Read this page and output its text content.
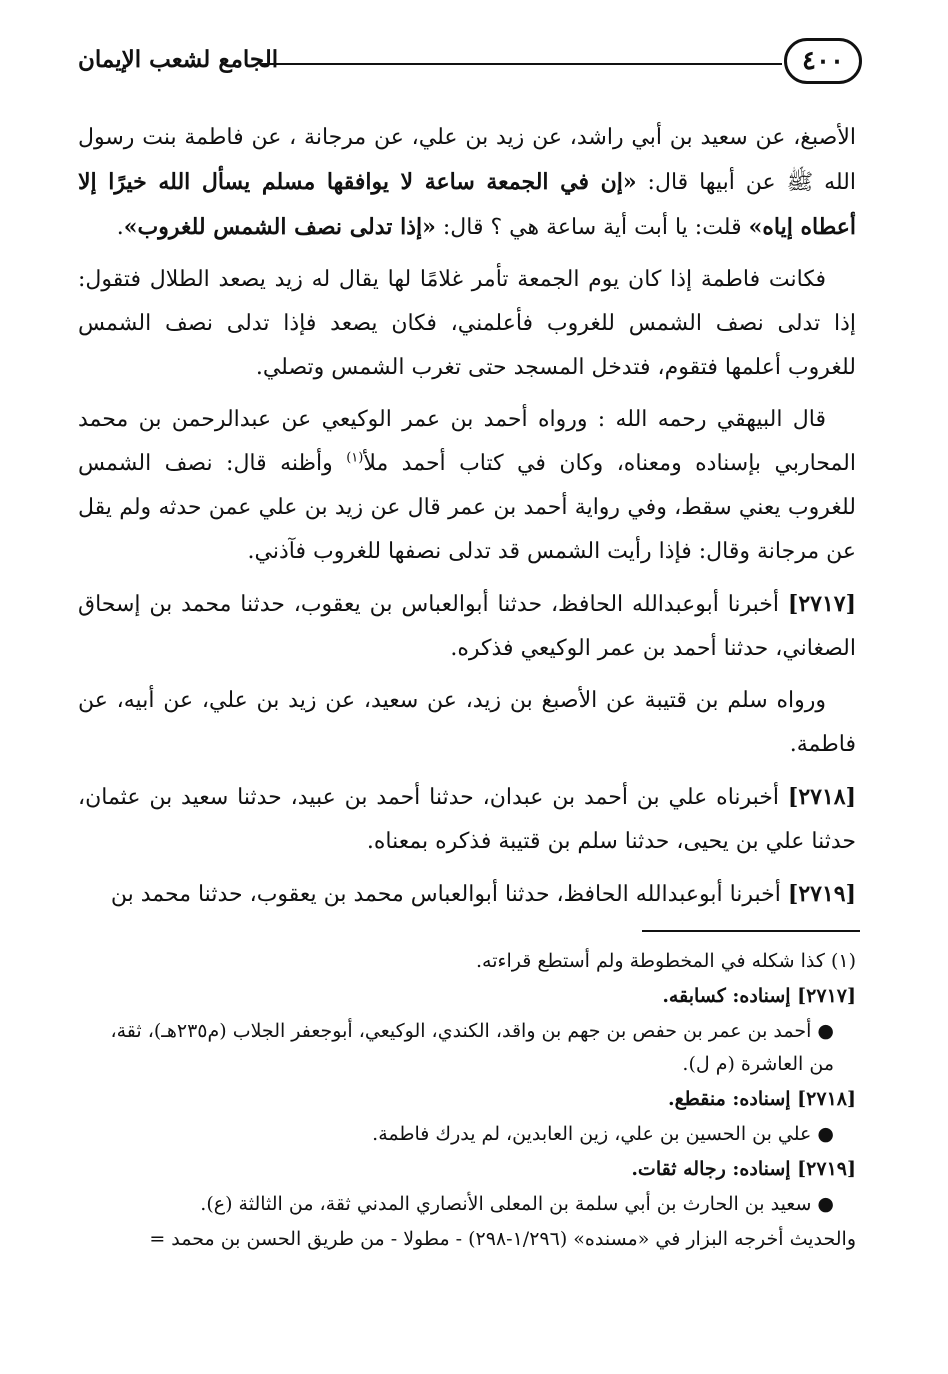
٤٠٠
الجامع لشعب الإيمان

الأصبغ، عن سعيد بن أبي راشد، عن زيد بن علي، عن مرجانة ، عن فاطمة بنت رسول الله ﷺ عن أبيها قال: «إن في الجمعة ساعة لا يوافقها مسلم يسأل الله خيرًا إلا أعطاه إياه» قلت: يا أبت أية ساعة هي ؟ قال: «إذا تدلى نصف الشمس للغروب».

فكانت فاطمة إذا كان يوم الجمعة تأمر غلامًا لها يقال له زيد يصعد الطلال فتقول: إذا تدلى نصف الشمس للغروب فأعلمني، فكان يصعد فإذا تدلى نصف الشمس للغروب أعلمها فتقوم، فتدخل المسجد حتى تغرب الشمس وتصلي.

قال البيهقي رحمه الله : ورواه أحمد بن عمر الوكيعي عن عبدالرحمن بن محمد المحاربي بإسناده ومعناه، وكان في كتاب أحمد ملأ$^{(١)}$ وأظنه قال: نصف الشمس للغروب يعني سقط، وفي رواية أحمد بن عمر قال عن زيد بن علي عمن حدثه ولم يقل عن مرجانة وقال: فإذا رأيت الشمس قد تدلى نصفها للغروب فآذني.

[٢٧١٧] أخبرنا أبوعبدالله الحافظ، حدثنا أبوالعباس بن يعقوب، حدثنا محمد بن إسحاق الصغاني، حدثنا أحمد بن عمر الوكيعي فذكره.

ورواه سلم بن قتيبة عن الأصبغ بن زيد، عن سعيد، عن زيد بن علي، عن أبيه، عن فاطمة.

[٢٧١٨] أخبرناه علي بن أحمد بن عبدان، حدثنا أحمد بن عبيد، حدثنا سعيد بن عثمان، حدثنا علي بن يحيى، حدثنا سلم بن قتيبة فذكره بمعناه.

[٢٧١٩] أخبرنا أبوعبدالله الحافظ، حدثنا أبوالعباس محمد بن يعقوب، حدثنا محمد بن

(١) كذا شكله في المخطوطة ولم أستطع قراءته.

[٢٧١٧] إسناده: كسابقه.

●أحمد بن عمر بن حفص بن جهم بن واقد، الكندي، الوكيعي، أبوجعفر الجلاب (م٢٣٥هـ)، ثقة، من العاشرة (م ل).

[٢٧١٨] إسناده: منقطع.

●علي بن الحسين بن علي، زين العابدين، لم يدرك فاطمة.

[٢٧١٩] إسناده: رجاله ثقات.

●سعيد بن الحارث بن أبي سلمة بن المعلى الأنصاري المدني ثقة، من الثالثة (ع).

والحديث أخرجه البزار في «مسنده» (١/٢٩٦-٢٩٨) - مطولا - من طريق الحسن بن محمد =
